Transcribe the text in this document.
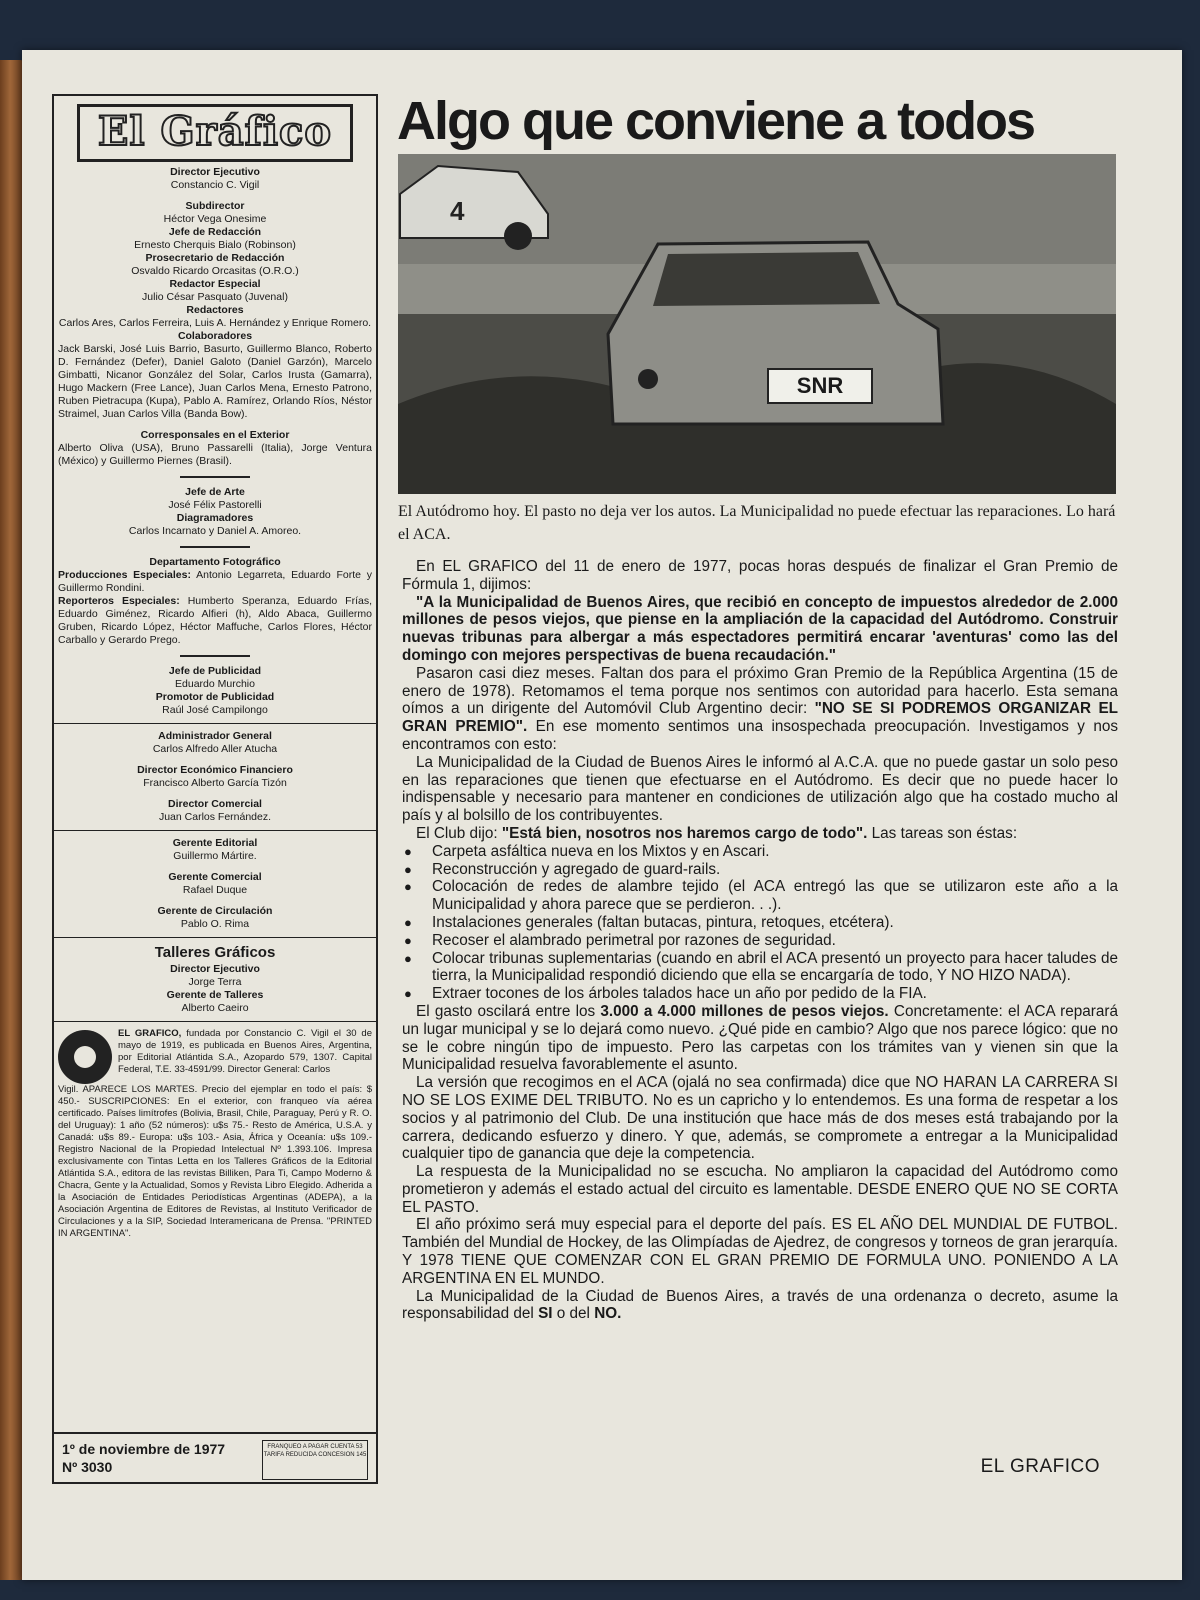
El Gráfico
Director Ejecutivo
Constancio C. Vigil
Subdirector
Héctor Vega Onesime
Jefe de Redacción
Ernesto Cherquis Bialo (Robinson)
Prosecretario de Redacción
Osvaldo Ricardo Orcasitas (O.R.O.)
Redactor Especial
Julio César Pasquato (Juvenal)
Redactores
Carlos Ares, Carlos Ferreira, Luis A. Hernández y Enrique Romero.
Colaboradores
Jack Barski, José Luis Barrio, Basurto, Guillermo Blanco, Roberto D. Fernández (Defer), Daniel Galoto (Daniel Garzón), Marcelo Gimbatti, Nicanor González del Solar, Carlos Irusta (Gamarra), Hugo Mackern (Free Lance), Juan Carlos Mena, Ernesto Patrono, Ruben Pietracupa (Kupa), Pablo A. Ramírez, Orlando Ríos, Néstor Straimel, Juan Carlos Villa (Banda Bow).
Corresponsales en el Exterior
Alberto Oliva (USA), Bruno Passarelli (Italia), Jorge Ventura (México) y Guillermo Piernes (Brasil).
Jefe de Arte
José Félix Pastorelli
Diagramadores
Carlos Incarnato y Daniel A. Amoreo.
Departamento Fotográfico
Producciones Especiales: Antonio Legarreta, Eduardo Forte y Guillermo Rondini.
Reporteros Especiales: Humberto Speranza, Eduardo Frías, Eduardo Giménez, Ricardo Alfieri (h), Aldo Abaca, Guillermo Gruben, Ricardo López, Héctor Maffuche, Carlos Flores, Héctor Carballo y Gerardo Prego.
Jefe de Publicidad
Eduardo Murchio
Promotor de Publicidad
Raúl José Campilongo
Administrador General
Carlos Alfredo Aller Atucha
Director Económico Financiero
Francisco Alberto García Tizón
Director Comercial
Juan Carlos Fernández.
Gerente Editorial
Guillermo Mártire.
Gerente Comercial
Rafael Duque
Gerente de Circulación
Pablo O. Rima
Talleres Gráficos
Director Ejecutivo
Jorge Terra
Gerente de Talleres
Alberto Caeiro
EL GRAFICO, fundada por Constancio C. Vigil el 30 de mayo de 1919, es publicada en Buenos Aires, Argentina, por Editorial Atlántida S.A., Azopardo 579, 1307. Capital Federal, T.E. 33-4591/99. Director General: Carlos
Vigil. APARECE LOS MARTES. Precio del ejemplar en todo el país: $ 450.- SUSCRIPCIONES: En el exterior, con franqueo vía aérea certificado. Países limítrofes (Bolivia, Brasil, Chile, Paraguay, Perú y R. O. del Uruguay): 1 año (52 números): u$s 75.- Resto de América, U.S.A. y Canadá: u$s 89.- Europa: u$s 103.- Asia, África y Oceanía: u$s 109.- Registro Nacional de la Propiedad Intelectual Nº 1.393.106. Impresa exclusivamente con Tintas Letta en los Talleres Gráficos de la Editorial Atlántida S.A., editora de las revistas Billiken, Para Ti, Campo Moderno & Chacra, Gente y la Actualidad, Somos y Revista Libro Elegido. Adherida a la Asociación de Entidades Periodísticas Argentinas (ADEPA), a la Asociación Argentina de Editores de Revistas, al Instituto Verificador de Circulaciones y a la SIP, Sociedad Interamericana de Prensa. "PRINTED IN ARGENTINA".
1º de noviembre de 1977
Nº 3030
FRANQUEO A PAGAR CUENTA 53 TARIFA REDUCIDA CONCESION 145
Algo que conviene a todos
SNR
4
El Autódromo hoy. El pasto no deja ver los autos. La Municipalidad no puede efectuar las reparaciones. Lo hará el ACA.

En EL GRAFICO del 11 de enero de 1977, pocas horas después de finalizar el Gran Premio de Fórmula 1, dijimos:

"A la Municipalidad de Buenos Aires, que recibió en concepto de impuestos alrededor de 2.000 millones de pesos viejos, que piense en la ampliación de la capacidad del Autódromo. Construir nuevas tribunas para albergar a más espectadores permitirá encarar 'aventuras' como las del domingo con mejores perspectivas de buena recaudación."

Pasaron casi diez meses. Faltan dos para el próximo Gran Premio de la República Argentina (15 de enero de 1978). Retomamos el tema porque nos sentimos con autoridad para hacerlo. Esta semana oímos a un dirigente del Automóvil Club Argentino decir: "NO SE SI PODREMOS ORGANIZAR EL GRAN PREMIO". En ese momento sentimos una insospechada preocupación. Investigamos y nos encontramos con esto:

La Municipalidad de la Ciudad de Buenos Aires le informó al A.C.A. que no puede gastar un solo peso en las reparaciones que tienen que efectuarse en el Autódromo. Es decir que no puede hacer lo indispensable y necesario para mantener en condiciones de utilización algo que ha costado mucho al país y al bolsillo de los contribuyentes.

El Club dijo: "Está bien, nosotros nos haremos cargo de todo". Las tareas son éstas:

● Carpeta asfáltica nueva en los Mixtos y en Ascari.
● Reconstrucción y agregado de guard-rails.
● Colocación de redes de alambre tejido (el ACA entregó las que se utilizaron este año a la Municipalidad y ahora parece que se perdieron. . .).
● Instalaciones generales (faltan butacas, pintura, retoques, etcétera).
● Recoser el alambrado perimetral por razones de seguridad.
● Colocar tribunas suplementarias (cuando en abril el ACA presentó un proyecto para hacer taludes de tierra, la Municipalidad respondió diciendo que ella se encargaría de todo, Y NO HIZO NADA).
● Extraer tocones de los árboles talados hace un año por pedido de la FIA.

El gasto oscilará entre los 3.000 a 4.000 millones de pesos viejos. Concretamente: el ACA reparará un lugar municipal y se lo dejará como nuevo. ¿Qué pide en cambio? Algo que nos parece lógico: que no se le cobre ningún tipo de impuesto. Pero las carpetas con los trámites van y vienen sin que la Municipalidad resuelva favorablemente el asunto.

La versión que recogimos en el ACA (ojalá no sea confirmada) dice que NO HARAN LA CARRERA SI NO SE LOS EXIME DEL TRIBUTO. No es un capricho y lo entendemos. Es una forma de respetar a los socios y al patrimonio del Club. De una institución que hace más de dos meses está trabajando por la carrera, dedicando esfuerzo y dinero. Y que, además, se compromete a entregar a la Municipalidad cualquier tipo de ganancia que deje la competencia.

La respuesta de la Municipalidad no se escucha. No ampliaron la capacidad del Autódromo como prometieron y además el estado actual del circuito es lamentable. DESDE ENERO QUE NO SE CORTA EL PASTO.

El año próximo será muy especial para el deporte del país. ES EL AÑO DEL MUNDIAL DE FUTBOL. También del Mundial de Hockey, de las Olimpíadas de Ajedrez, de congresos y torneos de gran jerarquía. Y 1978 TIENE QUE COMENZAR CON EL GRAN PREMIO DE FORMULA UNO. PONIENDO A LA ARGENTINA EN EL MUNDO.

La Municipalidad de la Ciudad de Buenos Aires, a través de una ordenanza o decreto, asume la responsabilidad del SI o del NO.

EL GRAFICO
